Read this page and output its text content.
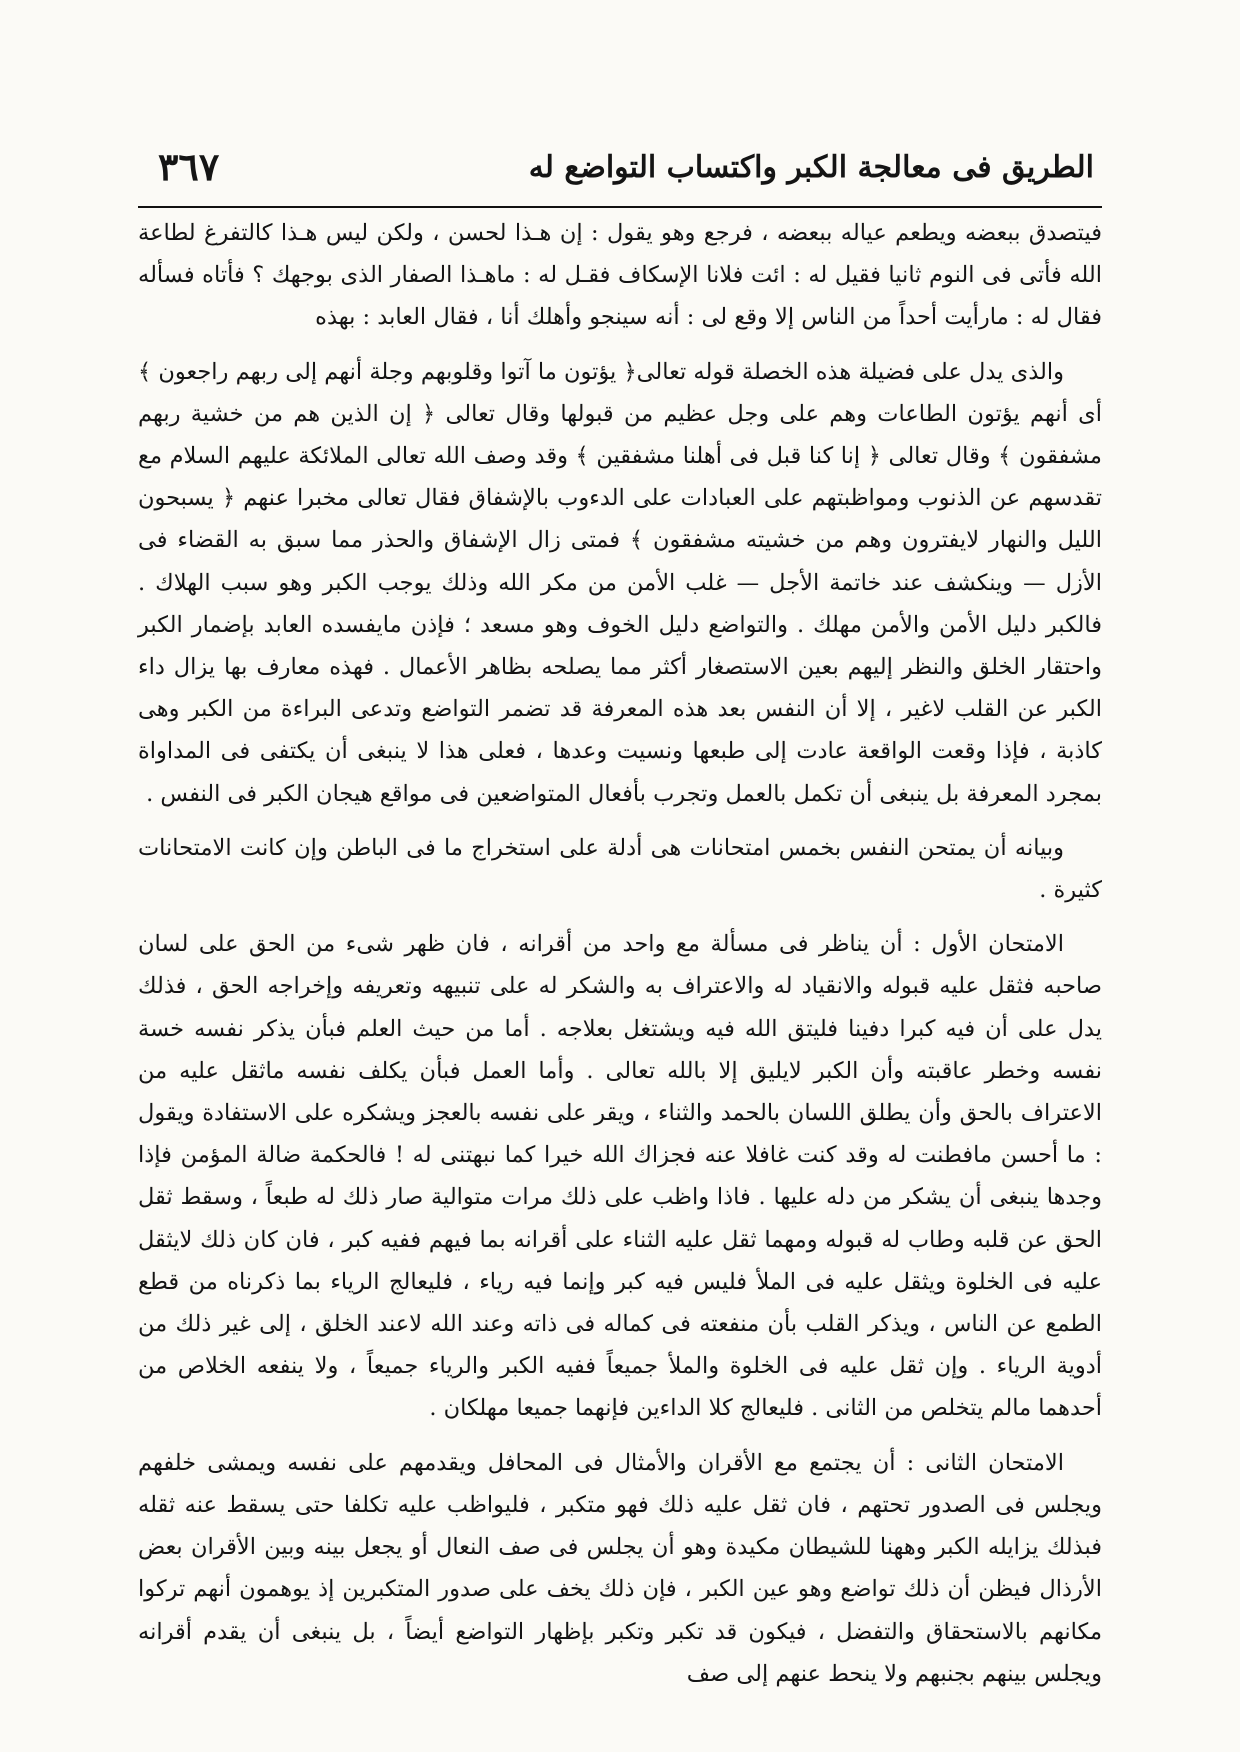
الطريق فى معالجة الكبر واكتساب التواضع له
٣٦٧

فيتصدق ببعضه ويطعم عياله ببعضه ، فرجع وهو يقول : إن هـذا لحسن ، ولكن ليس هـذا كالتفرغ لطاعة الله فأتى فى النوم ثانيا فقيل له : ائت فلانا الإسكاف فقـل له : ماهـذا الصفار الذى بوجهك ؟ فأتاه فسأله فقال له : مارأيت أحداً من الناس إلا وقع لى : أنه سينجو وأهلك أنا ، فقال العابد : بهذه

والذى يدل على فضيلة هذه الخصلة قوله تعالى﴿ يؤتون ما آتوا وقلوبهم وجلة أنهم إلى ربهم راجعون ﴾ أى أنهم يؤتون الطاعات وهم على وجل عظيم من قبولها وقال تعالى ﴿ إن الذين هم من خشية ربهم مشفقون ﴾ وقال تعالى ﴿ إنا كنا قبل فى أهلنا مشفقين ﴾ وقد وصف الله تعالى الملائكة عليهم السلام مع تقدسهم عن الذنوب ومواظبتهم على العبادات على الدءوب بالإشفاق فقال تعالى مخبرا عنهم ﴿ يسبحون الليل والنهار لايفترون وهم من خشيته مشفقون ﴾ فمتى زال الإشفاق والحذر مما سبق به القضاء فى الأزل — وينكشف عند خاتمة الأجل — غلب الأمن من مكر الله وذلك يوجب الكبر وهو سبب الهلاك . فالكبر دليل الأمن والأمن مهلك . والتواضع دليل الخوف وهو مسعد ؛ فإذن مايفسده العابد بإضمار الكبر واحتقار الخلق والنظر إليهم بعين الاستصغار أكثر مما يصلحه بظاهر الأعمال . فهذه معارف بها يزال داء الكبر عن القلب لاغير ، إلا أن النفس بعد هذه المعرفة قد تضمر التواضع وتدعى البراءة من الكبر وهى كاذبة ، فإذا وقعت الواقعة عادت إلى طبعها ونسيت وعدها ، فعلى هذا لا ينبغى أن يكتفى فى المداواة بمجرد المعرفة بل ينبغى أن تكمل بالعمل وتجرب بأفعال المتواضعين فى مواقع هيجان الكبر فى النفس .

وبيانه أن يمتحن النفس بخمس امتحانات هى أدلة على استخراج ما فى الباطن وإن كانت الامتحانات كثيرة .

الامتحان الأول : أن يناظر فى مسألة مع واحد من أقرانه ، فان ظهر شىء من الحق على لسان صاحبه فثقل عليه قبوله والانقياد له والاعتراف به والشكر له على تنبيهه وتعريفه وإخراجه الحق ، فذلك يدل على أن فيه كبرا دفينا فليتق الله فيه ويشتغل بعلاجه . أما من حيث العلم فبأن يذكر نفسه خسة نفسه وخطر عاقبته وأن الكبر لايليق إلا بالله تعالى . وأما العمل فبأن يكلف نفسه ماثقل عليه من الاعتراف بالحق وأن يطلق اللسان بالحمد والثناء ، ويقر على نفسه بالعجز ويشكره على الاستفادة ويقول : ما أحسن مافطنت له وقد كنت غافلا عنه فجزاك الله خيرا كما نبهتنى له ! فالحكمة ضالة المؤمن فإذا وجدها ينبغى أن يشكر من دله عليها . فاذا واظب على ذلك مرات متوالية صار ذلك له طبعاً ، وسقط ثقل الحق عن قلبه وطاب له قبوله ومهما ثقل عليه الثناء على أقرانه بما فيهم ففيه كبر ، فان كان ذلك لايثقل عليه فى الخلوة ويثقل عليه فى الملأ فليس فيه كبر وإنما فيه رياء ، فليعالج الرياء بما ذكرناه من قطع الطمع عن الناس ، ويذكر القلب بأن منفعته فى كماله فى ذاته وعند الله لاعند الخلق ، إلى غير ذلك من أدوية الرياء . وإن ثقل عليه فى الخلوة والملأ جميعاً ففيه الكبر والرياء جميعاً ، ولا ينفعه الخلاص من أحدهما مالم يتخلص من الثانى . فليعالج كلا الداءين فإنهما جميعا مهلكان .

الامتحان الثانى : أن يجتمع مع الأقران والأمثال فى المحافل ويقدمهم على نفسه ويمشى خلفهم ويجلس فى الصدور تحتهم ، فان ثقل عليه ذلك فهو متكبر ، فليواظب عليه تكلفا حتى يسقط عنه ثقله فبذلك يزايله الكبر وههنا للشيطان مكيدة وهو أن يجلس فى صف النعال أو يجعل بينه وبين الأقران بعض الأرذال فيظن أن ذلك تواضع وهو عين الكبر ، فإن ذلك يخف على صدور المتكبرين إذ يوهمون أنهم تركوا مكانهم بالاستحقاق والتفضل ، فيكون قد تكبر وتكبر بإظهار التواضع أيضاً ، بل ينبغى أن يقدم أقرانه ويجلس بينهم بجنبهم ولا ينحط عنهم إلى صف
